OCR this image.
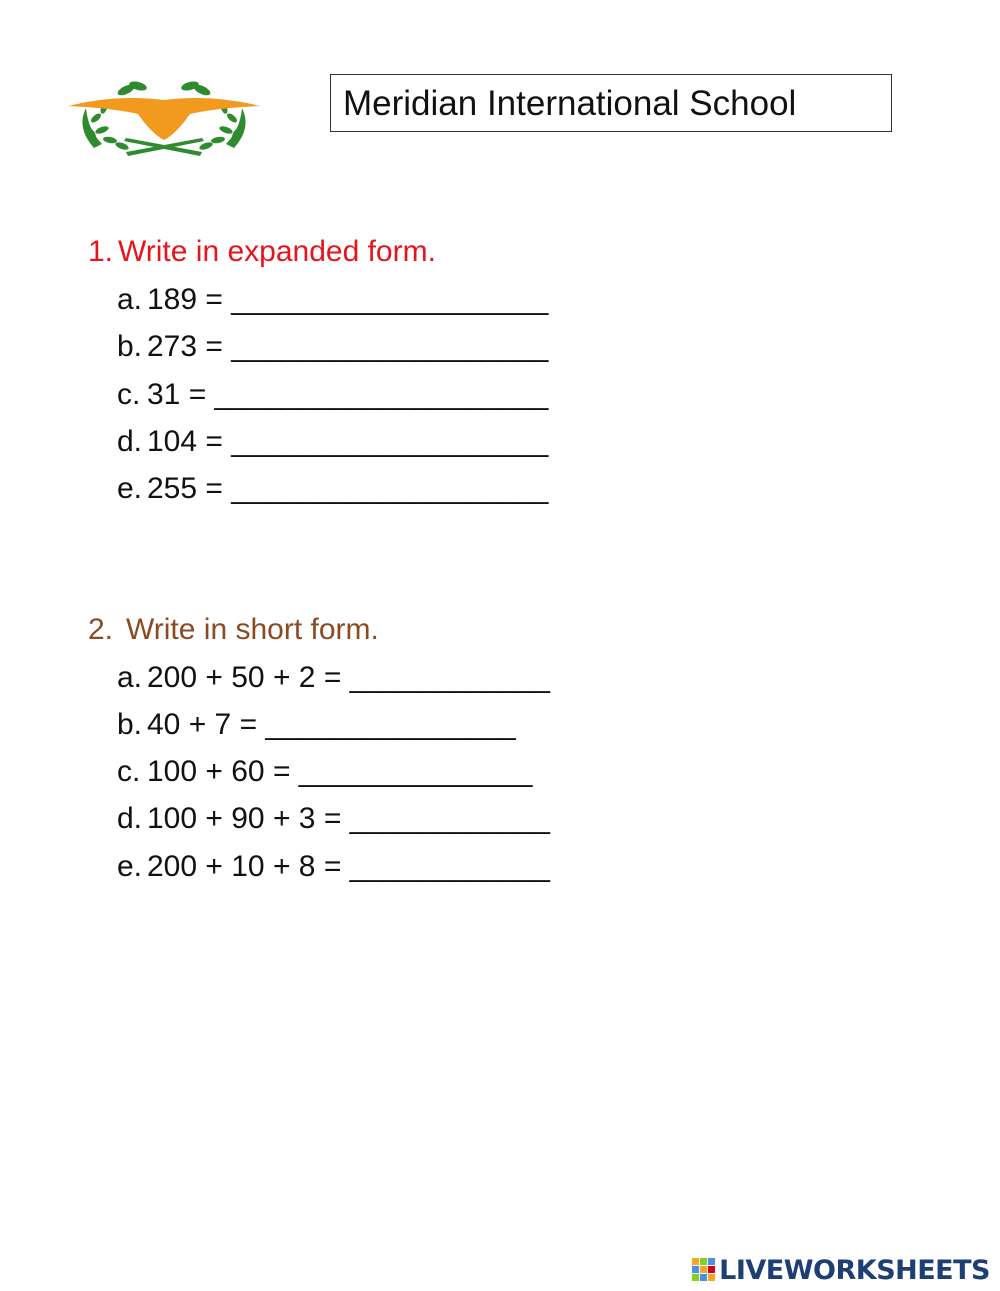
Meridian International School
1. Write in expanded form.
a. 189 = ___________________
b. 273 = ___________________
c. 31 = ____________________
d. 104 = ___________________
e. 255 = ___________________
2. Write in short form.
a. 200 + 50 + 2 = ____________
b. 40 + 7 = _______________
c. 100 + 60 = ______________
d. 100 + 90 + 3 = ____________
e. 200 + 10 + 8 = ____________
LIVEWORKSHEETS
